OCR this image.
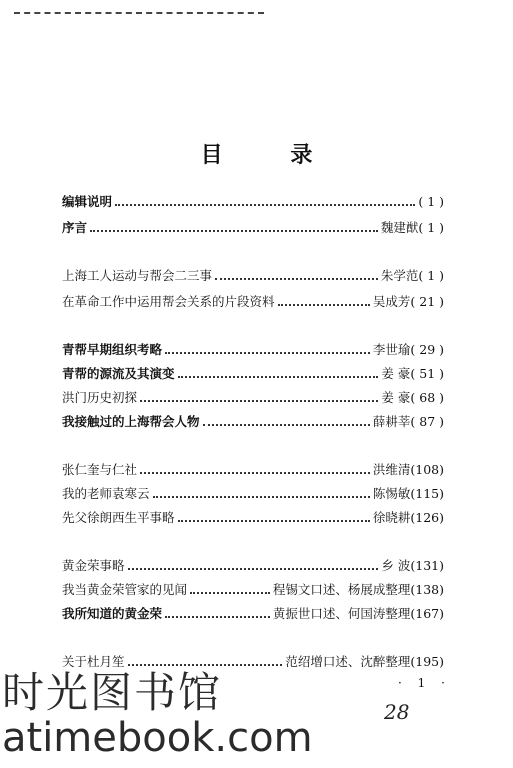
目 录
编辑说明	( 1 )
序言	魏建猷 ( 1 )
上海工人运动与帮会二三事	朱学范 ( 1 )
在革命工作中运用帮会关系的片段资料	吴成芳 ( 21 )
青帮早期组织考略	李世瑜 ( 29 )
青帮的源流及其演变	姜 豪 ( 51 )
洪门历史初探	姜 豪 ( 68 )
我接触过的上海帮会人物	薛耕莘 ( 87 )
张仁奎与仁社	洪维清 (108)
我的老师袁寒云	陈惕敏 (115)
先父徐朗西生平事略	徐晓耕 (126)
黄金荣事略	乡 波 (131)
我当黄金荣管家的见闻	程锡文口述、杨展成整理 (138)
我所知道的黄金荣	黄振世口述、何国涛整理 (167)
关于杜月笙	范绍增口述、沈醉整理 (195)
· 1 ·
28
时光图书馆
atimebook.com
